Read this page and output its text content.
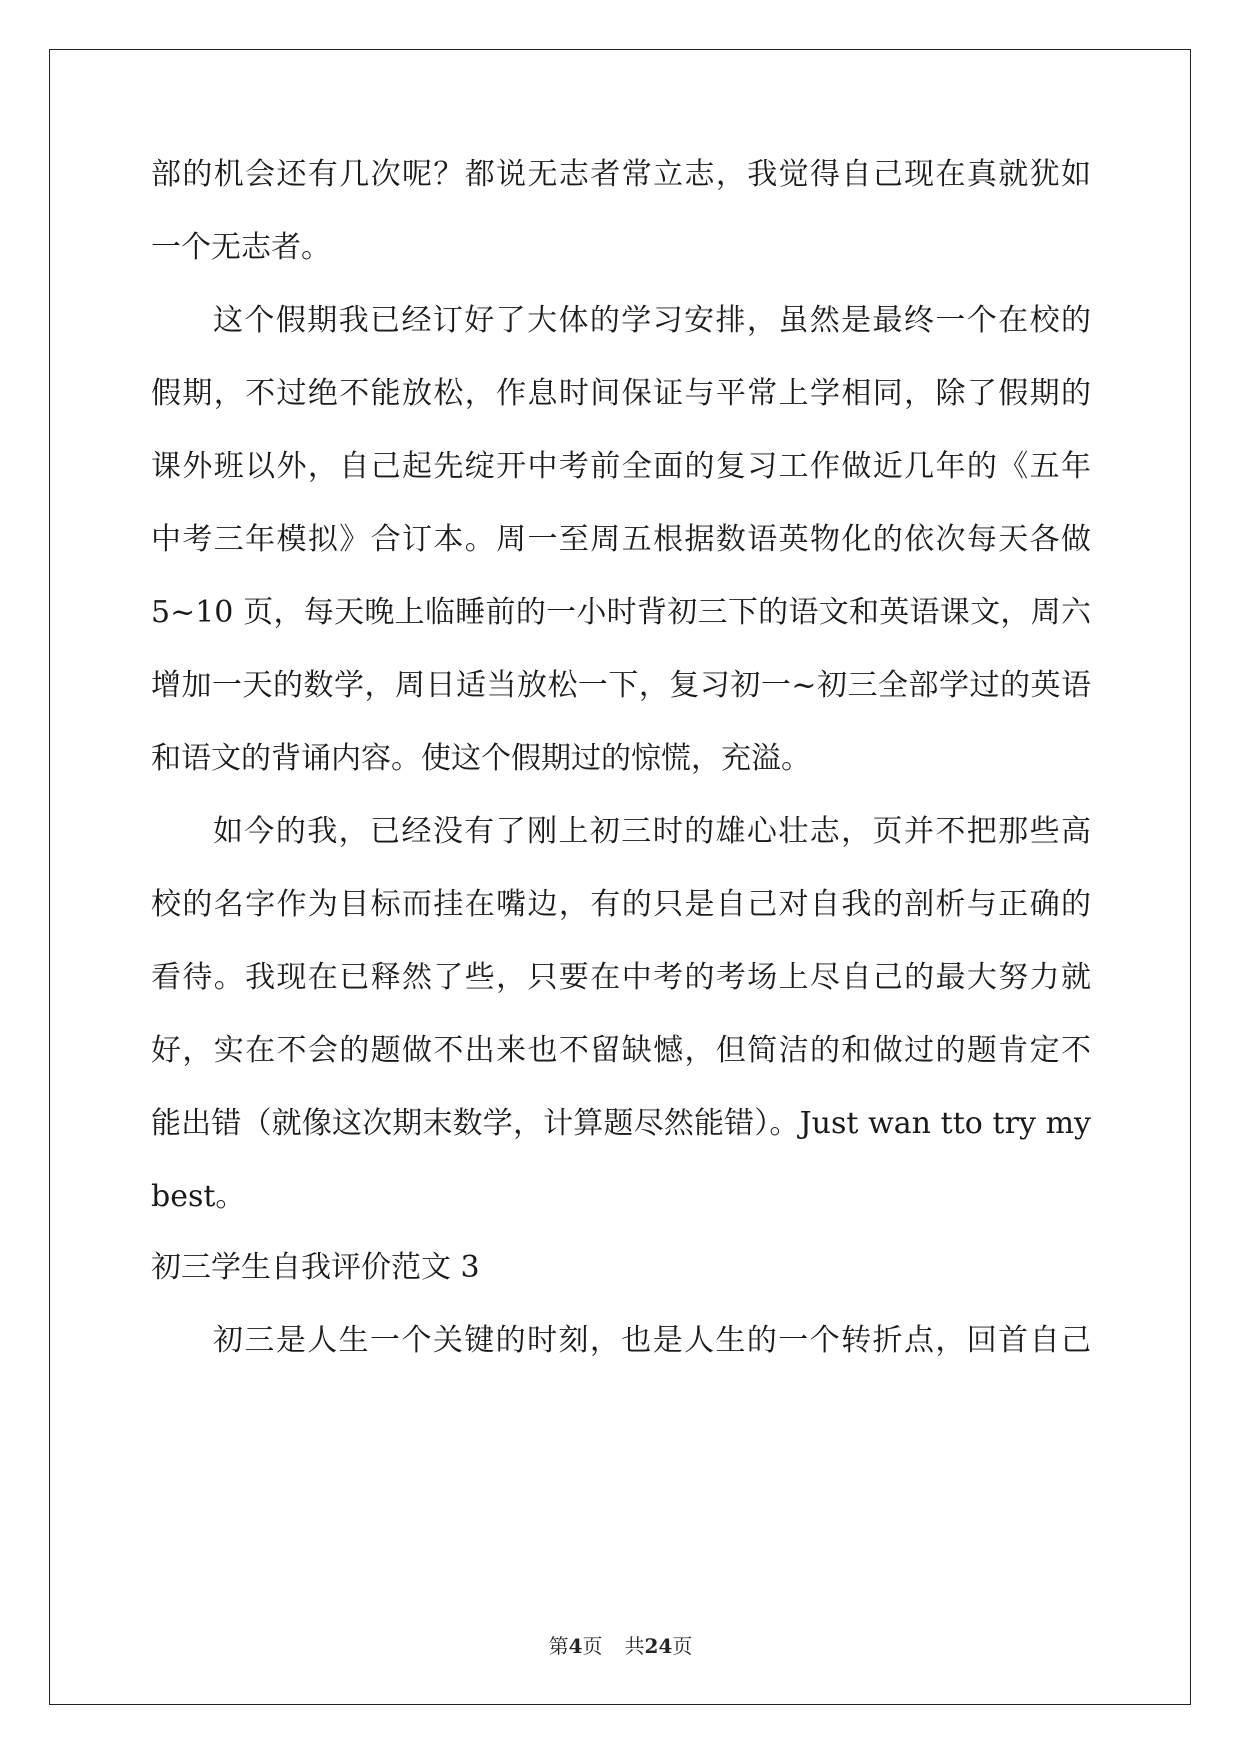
部的机会还有几次呢？都说无志者常立志，我觉得自己现在真就犹如
一个无志者。
这个假期我已经订好了大体的学习安排，虽然是最终一个在校的
假期，不过绝不能放松，作息时间保证与平常上学相同，除了假期的
课外班以外，自己起先绽开中考前全面的复习工作做近几年的《五年
中考三年模拟》合订本。周一至周五根据数语英物化的依次每天各做
5~10 页，每天晚上临睡前的一小时背初三下的语文和英语课文，周六
增加一天的数学，周日适当放松一下，复习初一~初三全部学过的英语
和语文的背诵内容。使这个假期过的惊慌，充溢。
如今的我，已经没有了刚上初三时的雄心壮志，页并不把那些高
校的名字作为目标而挂在嘴边，有的只是自己对自我的剖析与正确的
看待。我现在已释然了些，只要在中考的考场上尽自己的最大努力就
好，实在不会的题做不出来也不留缺憾，但简洁的和做过的题肯定不
能出错（就像这次期末数学，计算题尽然能错）。Just wan tto try my
best。
初三学生自我评价范文 3
初三是人生一个关键的时刻，也是人生的一个转折点，回首自己
第4页 共24页
